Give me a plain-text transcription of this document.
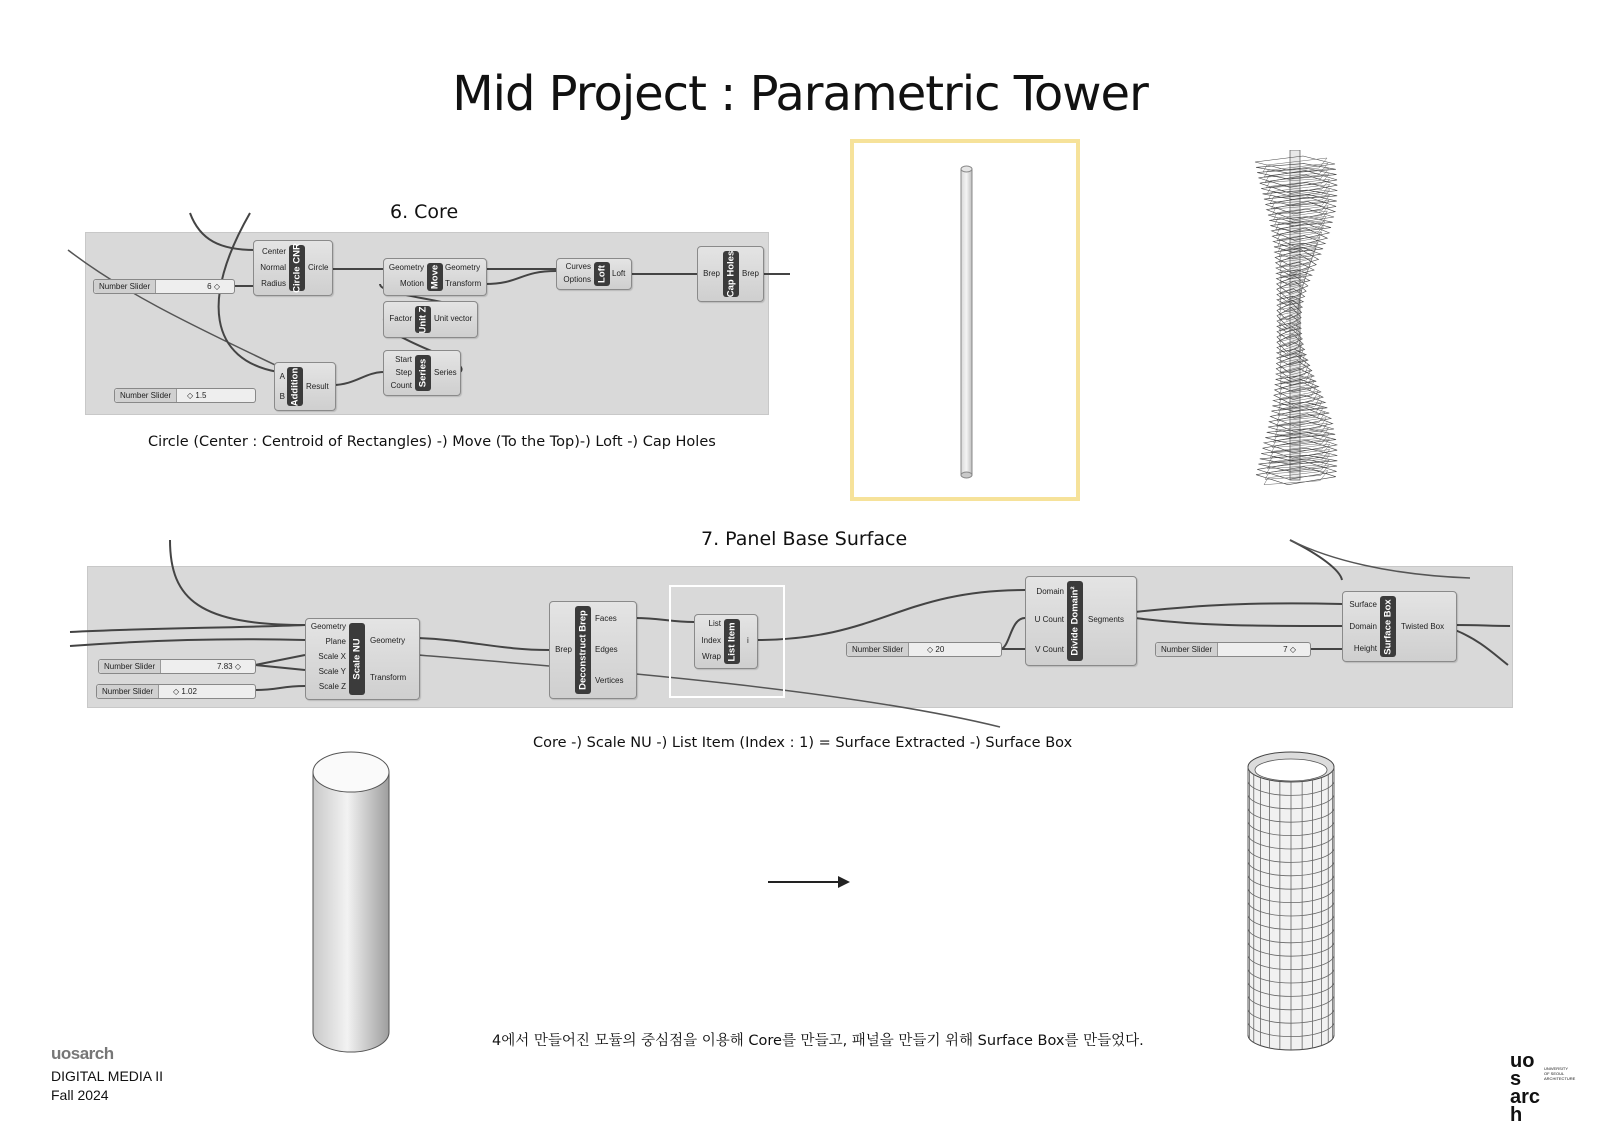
Mid Project : Parametric Tower
6. Core
Center
Normal
Radius Circle CNR Circle	Geometry
Motion Move Geometry
Transform
Factor Unit Z Unit vector
Start
Step
Count Series Series
A
B Addition Result
Curves
Options Loft Loft	Brep Cap Holes Brep
Number Slider	6 ◇
Number Slider	◇ 1.5
Circle (Center : Centroid of Rectangles) -) Move (To the Top)-) Loft -) Cap Holes
7. Panel Base Surface
Geometry
Plane
Scale X
Scale Y
Scale Z
Scale NU Geometry
Transform
Brep Deconstruct Brep Faces
Edges
Vertices
List
Index
Wrap List Item i
Domain
U Count
V Count Divide Domain² Segments
Surface
Domain
Height Surface Box Twisted Box
Number Slider	7.83 ◇
Number Slider	◇ 1.02
Number Slider	◇ 20	Number Slider	7 ◇
Core -) Scale NU -) List Item (Index : 1) = Surface Extracted -) Surface Box
4에서 만들어진 모듈의 중심점을 이용해 Core를 만들고, 패널을 만들기 위해 Surface Box를 만들었다.
uosarch
DIGITAL MEDIA II
Fall 2024
uos arch
UNIVERSITY OF SEOUL ARCHITECTURE
